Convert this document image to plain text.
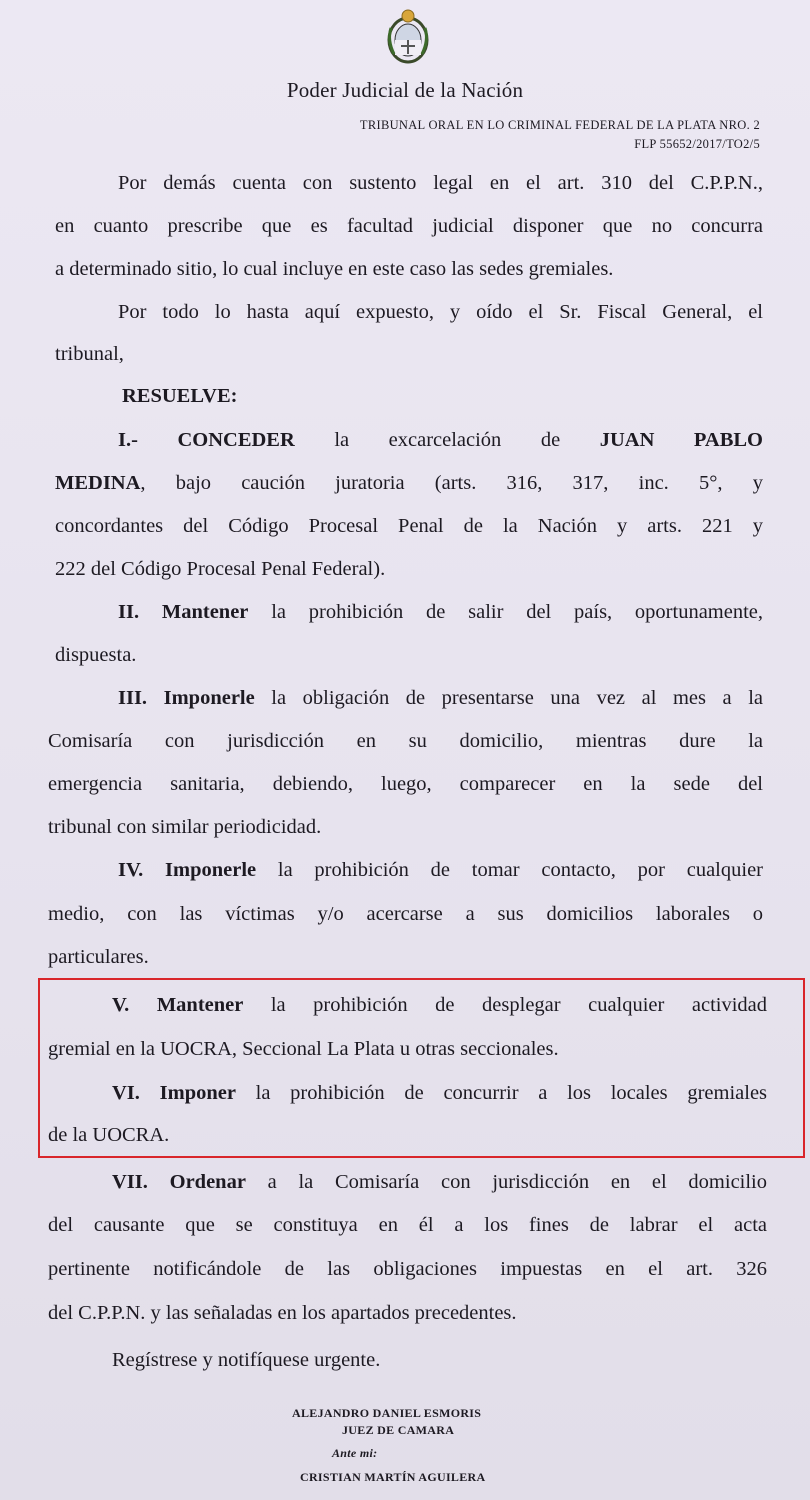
Poder Judicial de la Nación
TRIBUNAL ORAL EN LO CRIMINAL FEDERAL DE LA PLATA NRO. 2
FLP 55652/2017/TO2/5
Por demás cuenta con sustento legal en el art. 310 del C.P.P.N.,
en cuanto prescribe que es facultad judicial disponer que no concurra
a determinado sitio, lo cual incluye en este caso las sedes gremiales.
Por todo lo hasta aquí expuesto, y oído el Sr. Fiscal General, el
tribunal,
RESUELVE:
I.- CONCEDER la excarcelación de JUAN PABLO
MEDINA, bajo caución juratoria (arts. 316, 317, inc. 5°, y
concordantes del Código Procesal Penal de la Nación y arts. 221 y
222 del Código Procesal Penal Federal).
II. Mantener la prohibición de salir del país, oportunamente,
dispuesta.
III. Imponerle la obligación de presentarse una vez al mes a la
Comisaría con jurisdicción en su domicilio, mientras dure la
emergencia sanitaria, debiendo, luego, comparecer en la sede del
tribunal con similar periodicidad.
IV. Imponerle la prohibición de tomar contacto, por cualquier
medio, con las víctimas y/o acercarse a sus domicilios laborales o
particulares.
V. Mantener la prohibición de desplegar cualquier actividad
gremial en la UOCRA, Seccional La Plata u otras seccionales.
VI. Imponer la prohibición de concurrir a los locales gremiales
de la UOCRA.
VII. Ordenar a la Comisaría con jurisdicción en el domicilio
del causante que se constituya en él a los fines de labrar el acta
pertinente notificándole de las obligaciones impuestas en el art. 326
del C.P.P.N. y las señaladas en los apartados precedentes.
Regístrese y notifíquese urgente.
ALEJANDRO DANIEL ESMORIS
JUEZ DE CAMARA
Ante mi:
CRISTIAN MARTÍN AGUILERA
